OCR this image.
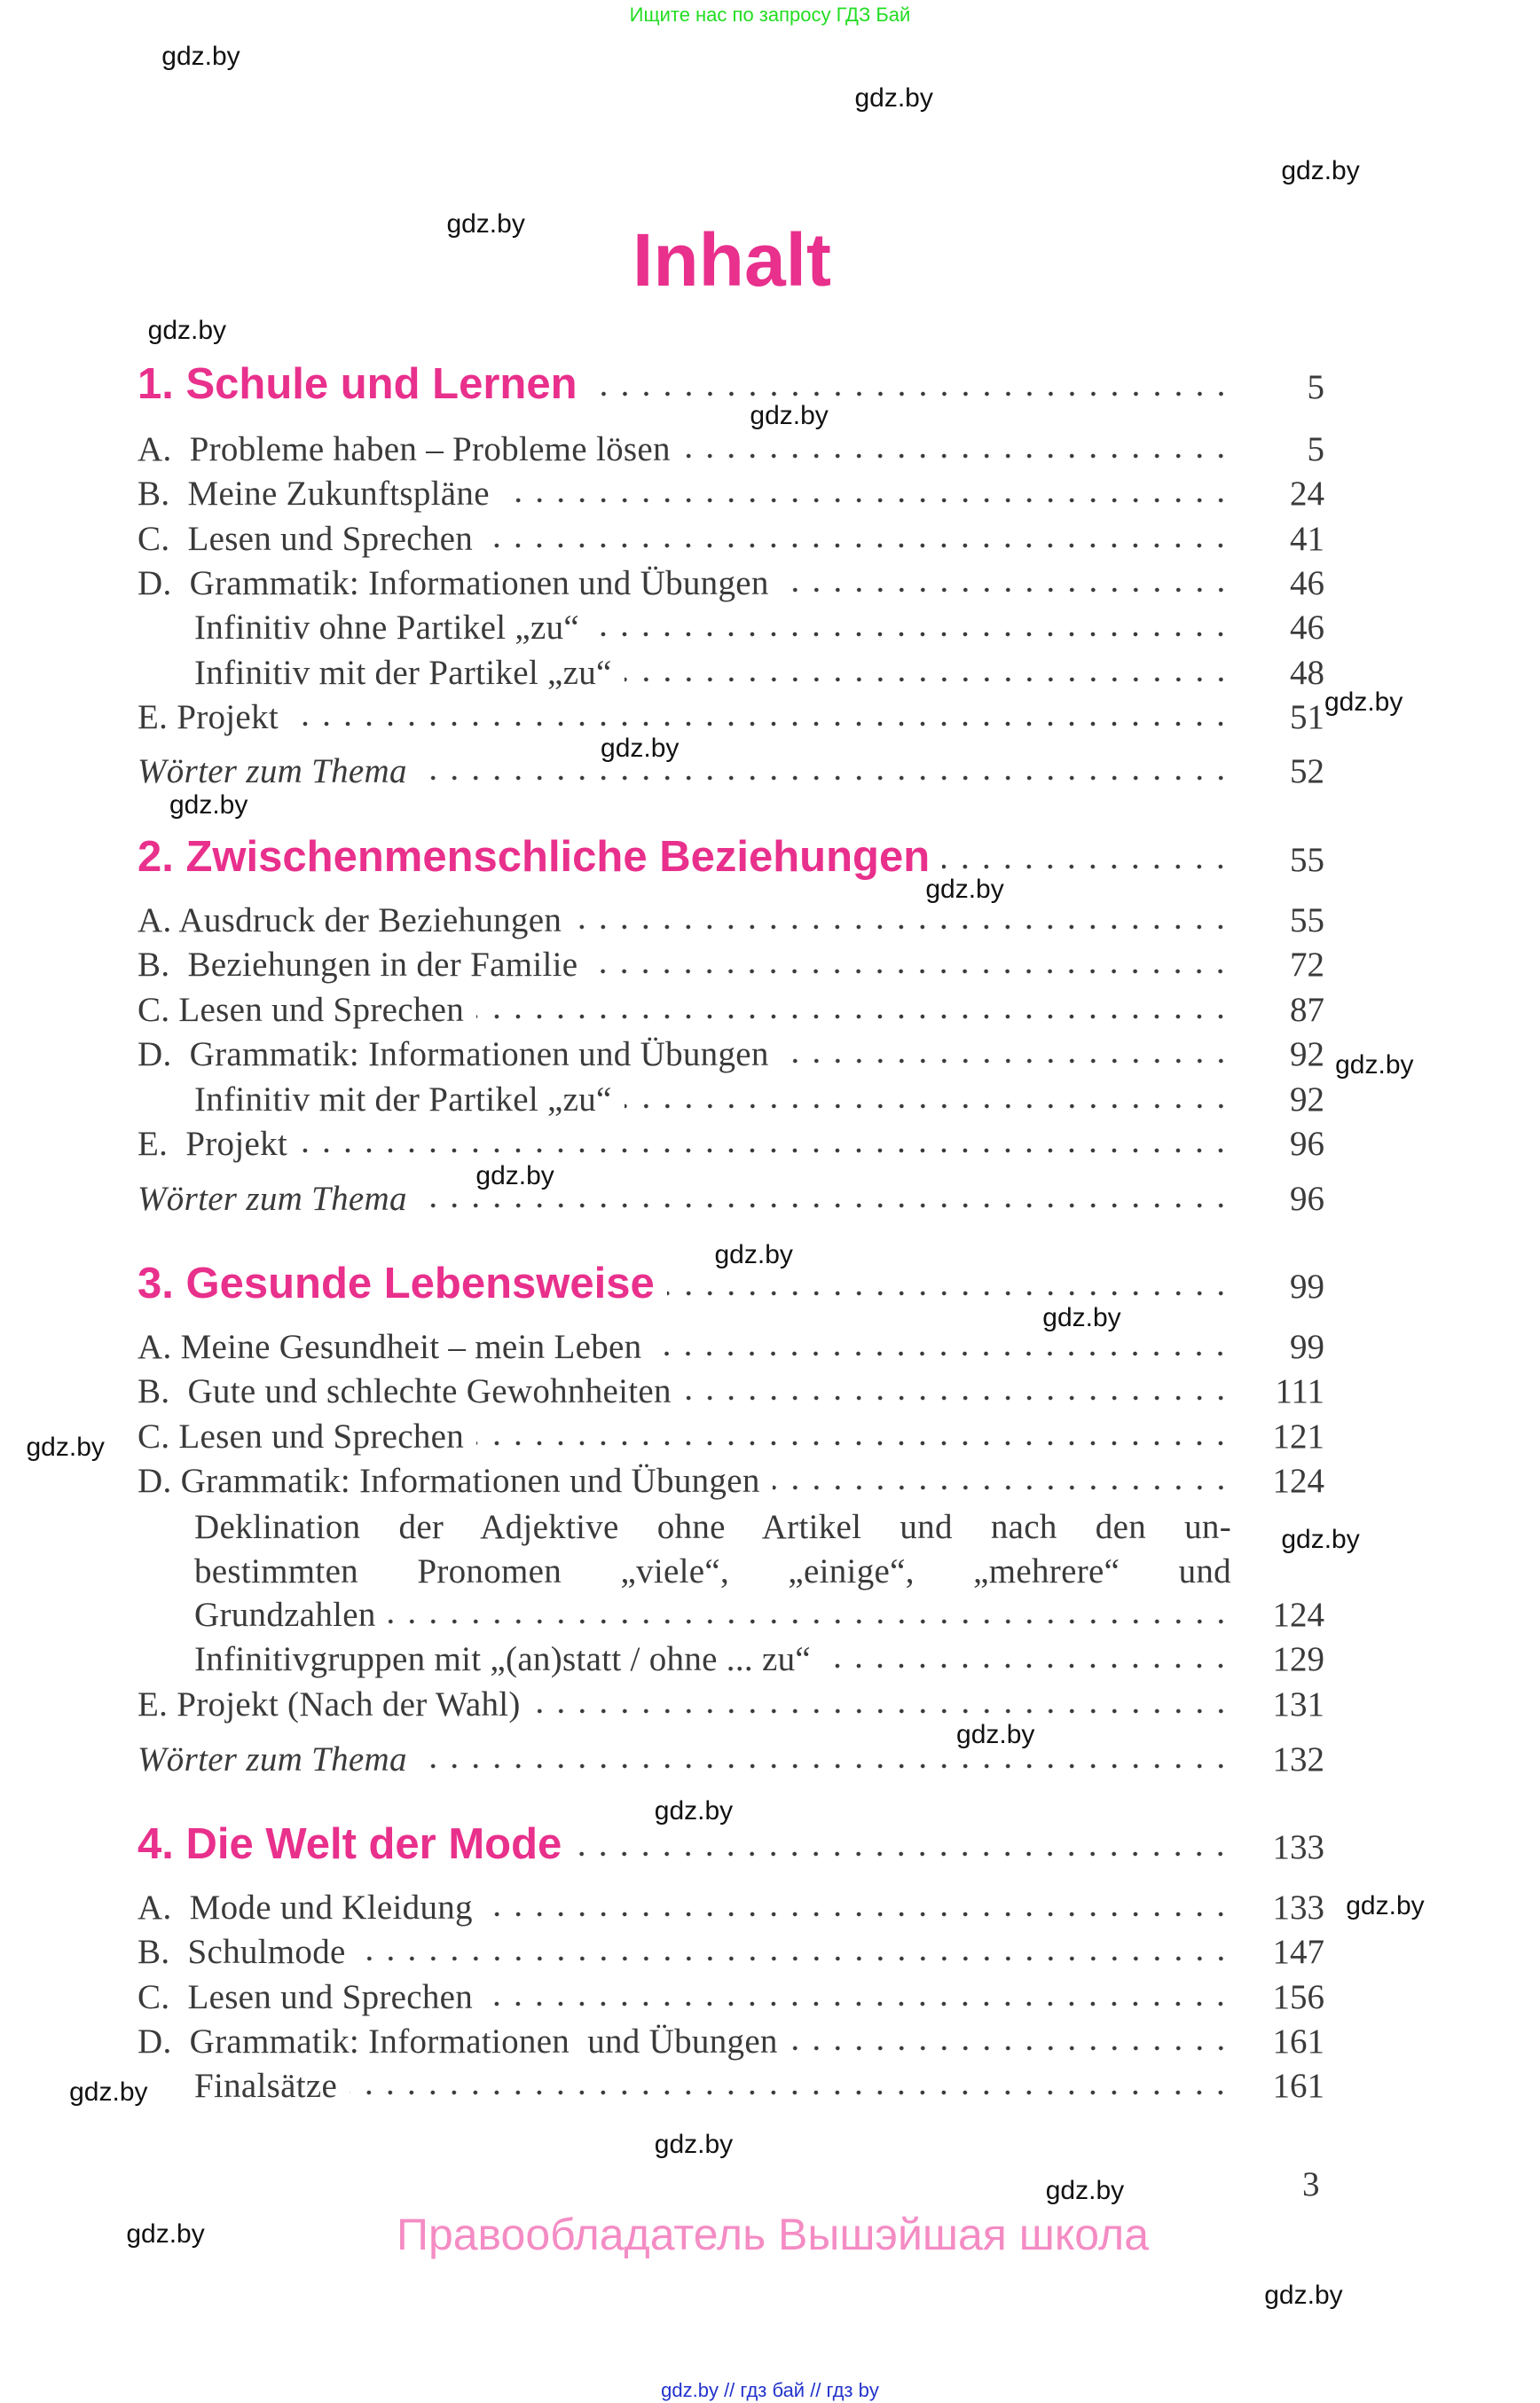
Ищите нас по запросу ГДЗ Бай
Inhalt
1. Schule und Lernen	5
A.  Probleme haben – Probleme lösen	5
B.  Meine Zukunftspläne	24
C.  Lesen und Sprechen	41
D.  Grammatik: Informationen und Übungen	46
Infinitiv ohne Partikel „zu“	46
Infinitiv mit der Partikel „zu“	48
E. Projekt	51
Wörter zum Thema	52
2. Zwischenmenschliche Beziehungen	55
A. Ausdruck der Beziehungen	55
B.  Beziehungen in der Familie	72
C. Lesen und Sprechen	87
D.  Grammatik: Informationen und Übungen	92
Infinitiv mit der Partikel „zu“	92
E.  Projekt	96
Wörter zum Thema	96
3. Gesunde Lebensweise	99
A. Meine Gesundheit – mein Leben	99
B.  Gute und schlechte Gewohnheiten	111
C. Lesen und Sprechen	121
D. Grammatik: Informationen und Übungen	124
Deklination der Adjektive ohne Artikel und nach den un-
bestimmten Pronomen „viele“, „einige“, „mehrere“ und
Grundzahlen	124
Infinitivgruppen mit „(an)statt / ohne ... zu“	129
E. Projekt (Nach der Wahl)	131
Wörter zum Thema	132
4. Die Welt der Mode	133
A.  Mode und Kleidung	133
B.  Schulmode	147
C.  Lesen und Sprechen	156
D.  Grammatik: Informationen  und Übungen	161
Finalsätze	161
gdz.by
gdz.by
gdz.by
gdz.by
gdz.by
gdz.by
gdz.by
gdz.by
gdz.by
gdz.by
gdz.by
gdz.by
gdz.by
gdz.by
gdz.by
gdz.by
gdz.by
gdz.by
gdz.by
gdz.by
gdz.by
gdz.by
gdz.by
gdz.by
3
Правообладатель Вышэйшая школа
gdz.by // гдз бай // гдз by
